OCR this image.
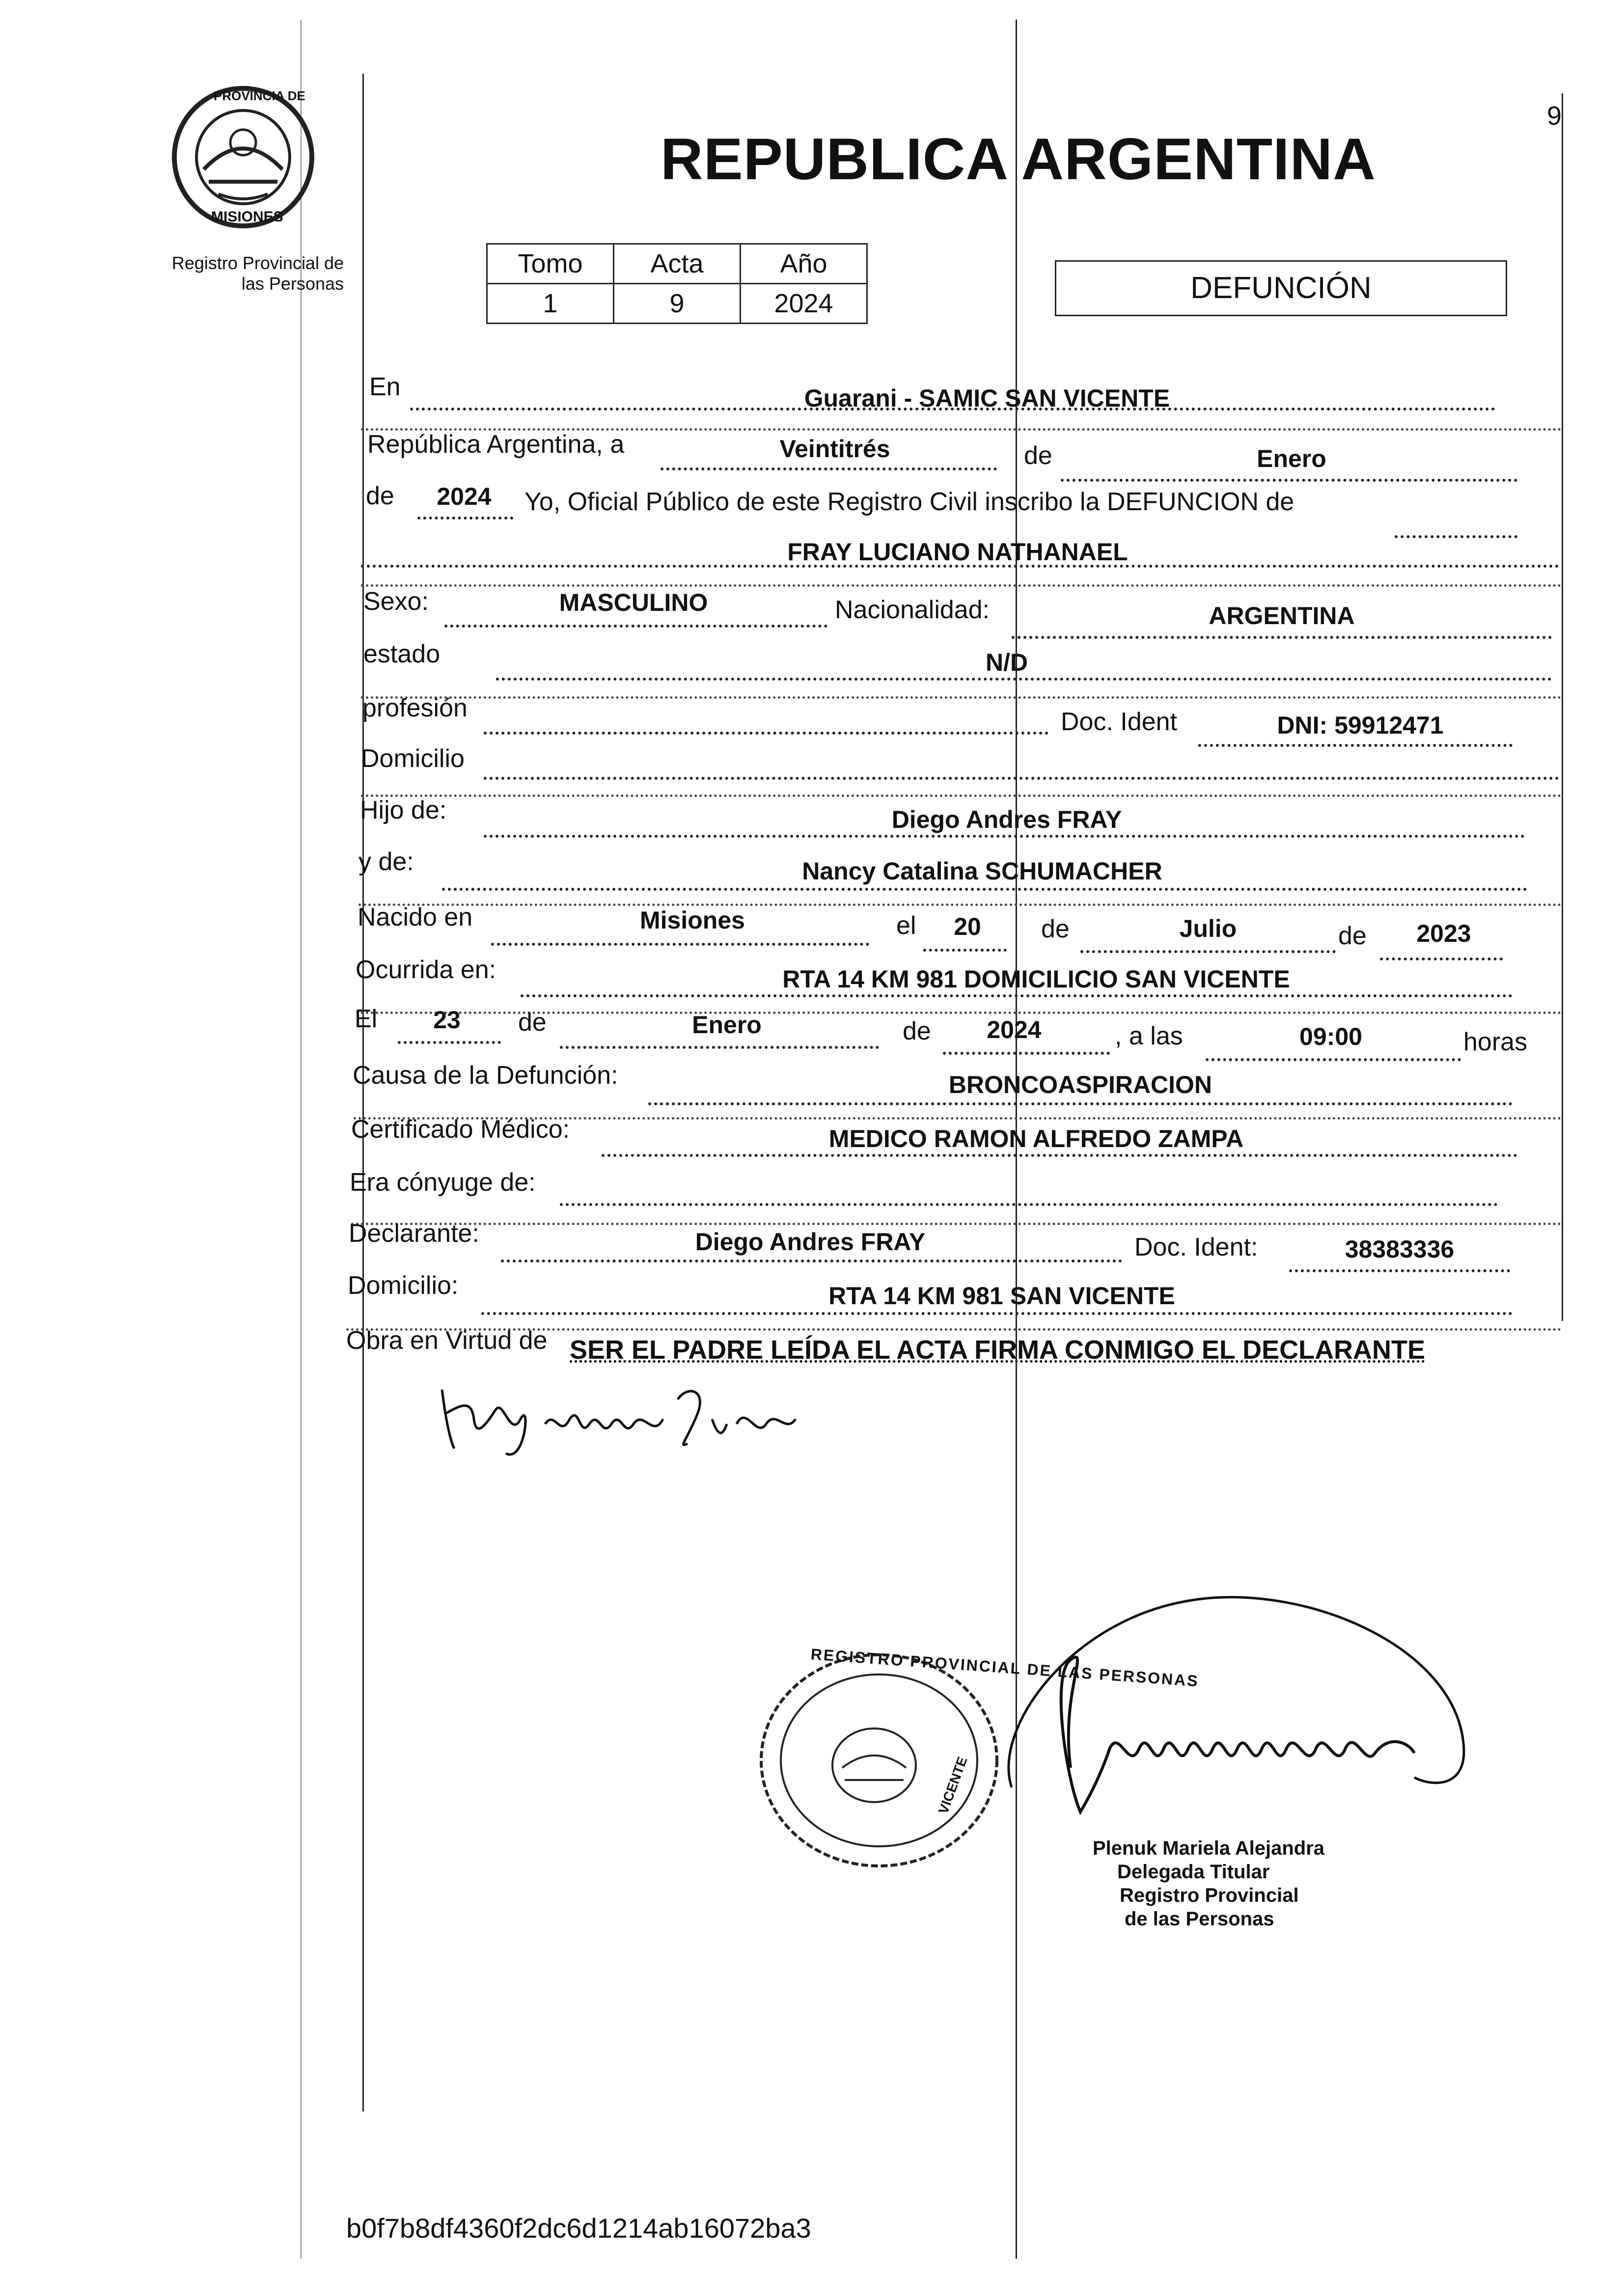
9
PROVINCIA DE
MISIONES
Registro Provincial de
las Personas
REPUBLICA ARGENTINA
Tomo	Acta	Año
1	9	2024	DEFUNCIÓN
En	Guarani - SAMIC SAN VICENTE
República Argentina, a	Veintitrés	de	Enero
de	2024	Yo, Oficial Público de este Registro Civil inscribo la DEFUNCION de
FRAY LUCIANO NATHANAEL
Sexo:	MASCULINO	Nacionalidad:	ARGENTINA
estado	N/D
profesión	Doc. Ident	DNI: 59912471
Domicilio
Hijo de:	Diego Andres FRAY
y de:	Nancy Catalina SCHUMACHER
Nacido en	Misiones	el	20	de	Julio	de	2023
Ocurrida en:	RTA 14 KM 981 DOMICILICIO SAN VICENTE
El	23	de	Enero	de	2024	, a las	09:00	horas
Causa de la Defunción:	BRONCOASPIRACION
Certificado Médico:	MEDICO RAMON ALFREDO ZAMPA
Era cónyuge de:
Declarante:	Diego Andres FRAY	Doc. Ident:	38383336
Domicilio:	RTA 14 KM 981 SAN VICENTE
Obra en Virtud de SER EL PADRE LEÍDA EL ACTA FIRMA CONMIGO EL DECLARANTE
REGISTRO PROVINCIAL DE LAS PERSONAS
VICENTE
Plenuk Mariela Alejandra
Delegada Titular
Registro Provincial
de las Personas
b0f7b8df4360f2dc6d1214ab16072ba3
